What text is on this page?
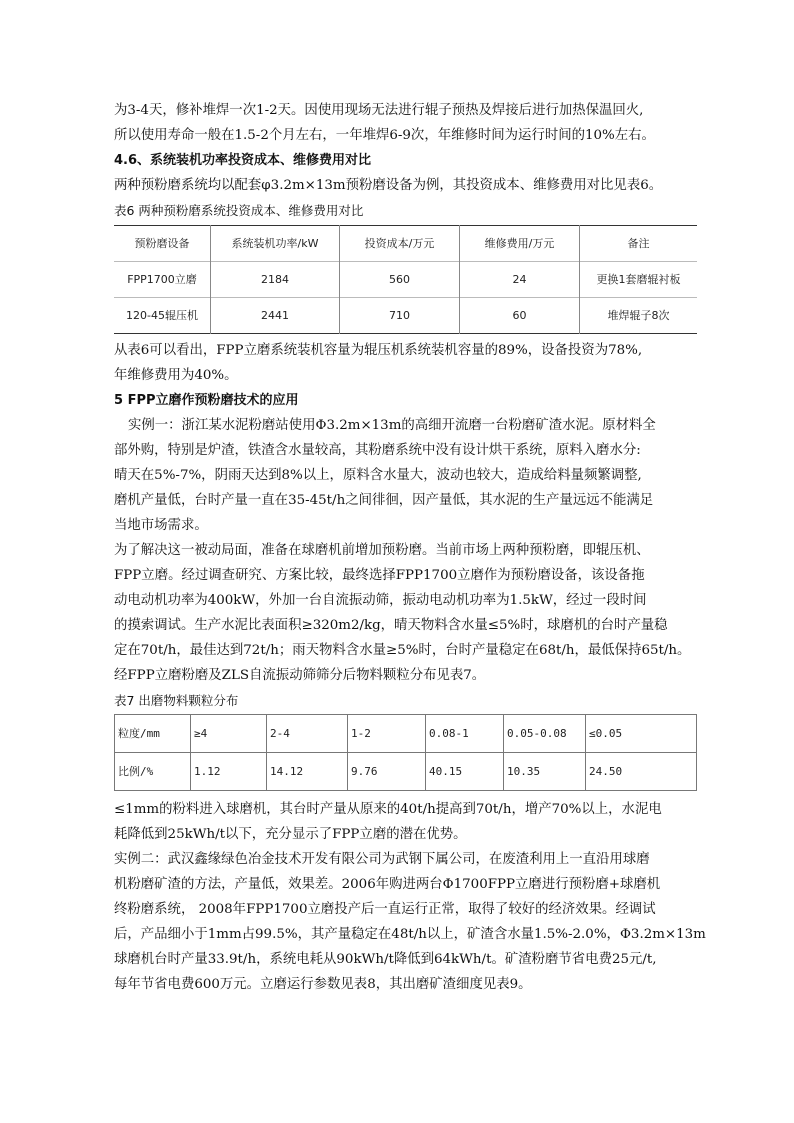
为3-4天，修补堆焊一次1-2天。因使用现场无法进行辊子预热及焊接后进行加热保温回火,

所以使用寿命一般在1.5-2个月左右，一年堆焊6-9次，年维修时间为运行时间的10%左右。

4.6、系统装机功率投资成本、维修费用对比

两种预粉磨系统均以配套φ3.2m×13m预粉磨设备为例，其投资成本、维修费用对比见表6。

表6 两种预粉磨系统投资成本、维修费用对比

预粉磨设备	系统装机功率/kW	投资成本/万元	维修费用/万元	备注
FPP1700立磨	2184	560	24	更换1套磨辊衬板
120-45辊压机	2441	710	60	堆焊辊子8次

从表6可以看出，FPP立磨系统装机容量为辊压机系统装机容量的89%，设备投资为78%,

年维修费用为40%。

5 FPP立磨作预粉磨技术的应用

实例一：浙江某水泥粉磨站使用Φ3.2m×13m的高细开流磨一台粉磨矿渣水泥。原材料全

部外购，特别是炉渣，铁渣含水量较高，其粉磨系统中没有设计烘干系统，原料入磨水分:

晴天在5%-7%，阴雨天达到8%以上，原料含水量大，波动也较大，造成给料量频繁调整,

磨机产量低，台时产量一直在35-45t/h之间徘徊，因产量低，其水泥的生产量远远不能满足

当地市场需求。

为了解决这一被动局面，准备在球磨机前增加预粉磨。当前市场上两种预粉磨，即辊压机、

FPP立磨。经过调查研究、方案比较，最终选择FPP1700立磨作为预粉磨设备，该设备拖

动电动机功率为400kW，外加一台自流振动筛，振动电动机功率为1.5kW，经过一段时间

的摸索调试。生产水泥比表面积≥320m2/kg，晴天物料含水量≤5%时，球磨机的台时产量稳

定在70t/h，最佳达到72t/h；雨天物料含水量≥5%时，台时产量稳定在68t/h，最低保持65t/h。

经FPP立磨粉磨及ZLS自流振动筛筛分后物料颗粒分布见表7。

表7 出磨物料颗粒分布

粒度/mm	≥4	2-4	1-2	0.08-1	0.05-0.08	≤0.05
比例/%	1.12	14.12	9.76	40.15	10.35	24.50

≤1mm的粉料进入球磨机，其台时产量从原来的40t/h提高到70t/h，增产70%以上，水泥电

耗降低到25kWh/t以下，充分显示了FPP立磨的潜在优势。

实例二：武汉鑫缘绿色冶金技术开发有限公司为武钢下属公司，在废渣利用上一直沿用球磨

机粉磨矿渣的方法，产量低，效果差。2006年购进两台Φ1700FPP立磨进行预粉磨+球磨机

终粉磨系统， 2008年FPP1700立磨投产后一直运行正常，取得了较好的经济效果。经调试

后，产品细小于1mm占99.5%，其产量稳定在48t/h以上，矿渣含水量1.5%-2.0%，Φ3.2m×13m

球磨机台时产量33.9t/h，系统电耗从90kWh/t降低到64kWh/t。矿渣粉磨节省电费25元/t,

每年节省电费600万元。立磨运行参数见表8，其出磨矿渣细度见表9。
